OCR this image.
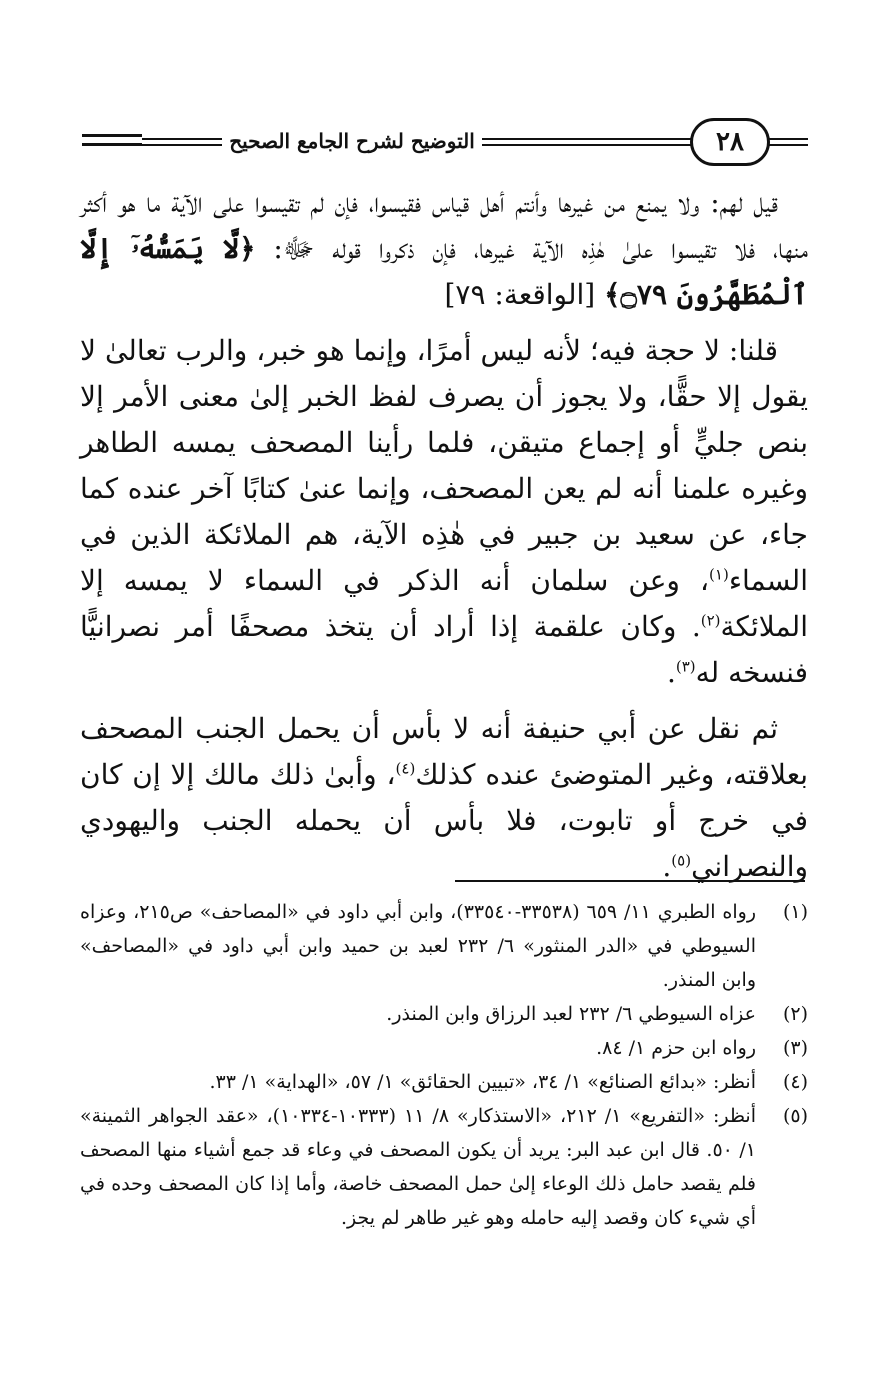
التوضيح لشرح الجامع الصحيح	٢٨

قيل لهم: ولا يمنع من غيرها وأنتم أهل قياس فقيسوا، فإن لم تقيسوا على الآية ما هو أكثر منها، فلا تقيسوا علىٰ هٰذِه الآية غيرها، فإن ذكروا قوله ﷻ: ﴿لَّا يَمَسُّهُۥٓ إِلَّا ٱلْمُطَهَّرُونَ ۝٧٩﴾ [الواقعة: ٧٩]

قلنا: لا حجة فيه؛ لأنه ليس أمرًا، وإنما هو خبر، والرب تعالىٰ لا يقول إلا حقًّا، ولا يجوز أن يصرف لفظ الخبر إلىٰ معنى الأمر إلا بنص جليٍّ أو إجماع متيقن، فلما رأينا المصحف يمسه الطاهر وغيره علمنا أنه لم يعن المصحف، وإنما عنىٰ كتابًا آخر عنده كما جاء، عن سعيد بن جبير في هٰذِه الآية، هم الملائكة الذين في السماء$^{(١)}$، وعن سلمان أنه الذكر في السماء لا يمسه إلا الملائكة$^{(٢)}$. وكان علقمة إذا أراد أن يتخذ مصحفًا أمر نصرانيًّا فنسخه له$^{(٣)}$.

ثم نقل عن أبي حنيفة أنه لا بأس أن يحمل الجنب المصحف بعلاقته، وغير المتوضئ عنده كذلك$^{(٤)}$، وأبىٰ ذلك مالك إلا إن كان في خرج أو تابوت، فلا بأس أن يحمله الجنب واليهودي والنصراني$^{(٥)}$.

(١)
رواه الطبري ١١/ ٦٥٩ (٣٣٥٣٨-٣٣٥٤٠)، وابن أبي داود في «المصاحف» ص٢١٥، وعزاه السيوطي في «الدر المنثور» ٦/ ٢٣٢ لعبد بن حميد وابن أبي داود في «المصاحف» وابن المنذر.
(٢)
عزاه السيوطي ٦/ ٢٣٢ لعبد الرزاق وابن المنذر.
(٣)
رواه ابن حزم ١/ ٨٤.
(٤)
أنظر: «بدائع الصنائع» ١/ ٣٤، «تبيين الحقائق» ١/ ٥٧، «الهداية» ١/ ٣٣.
(٥)
أنظر: «التفريع» ١/ ٢١٢، «الاستذكار» ٨/ ١١ (١٠٣٣٣-١٠٣٣٤)، «عقد الجواهر الثمينة» ١/ ٥٠. قال ابن عبد البر: يريد أن يكون المصحف في وعاء قد جمع أشياء منها المصحف فلم يقصد حامل ذلك الوعاء إلىٰ حمل المصحف خاصة، وأما إذا كان المصحف وحده في أي شيء كان وقصد إليه حامله وهو غير طاهر لم يجز.
